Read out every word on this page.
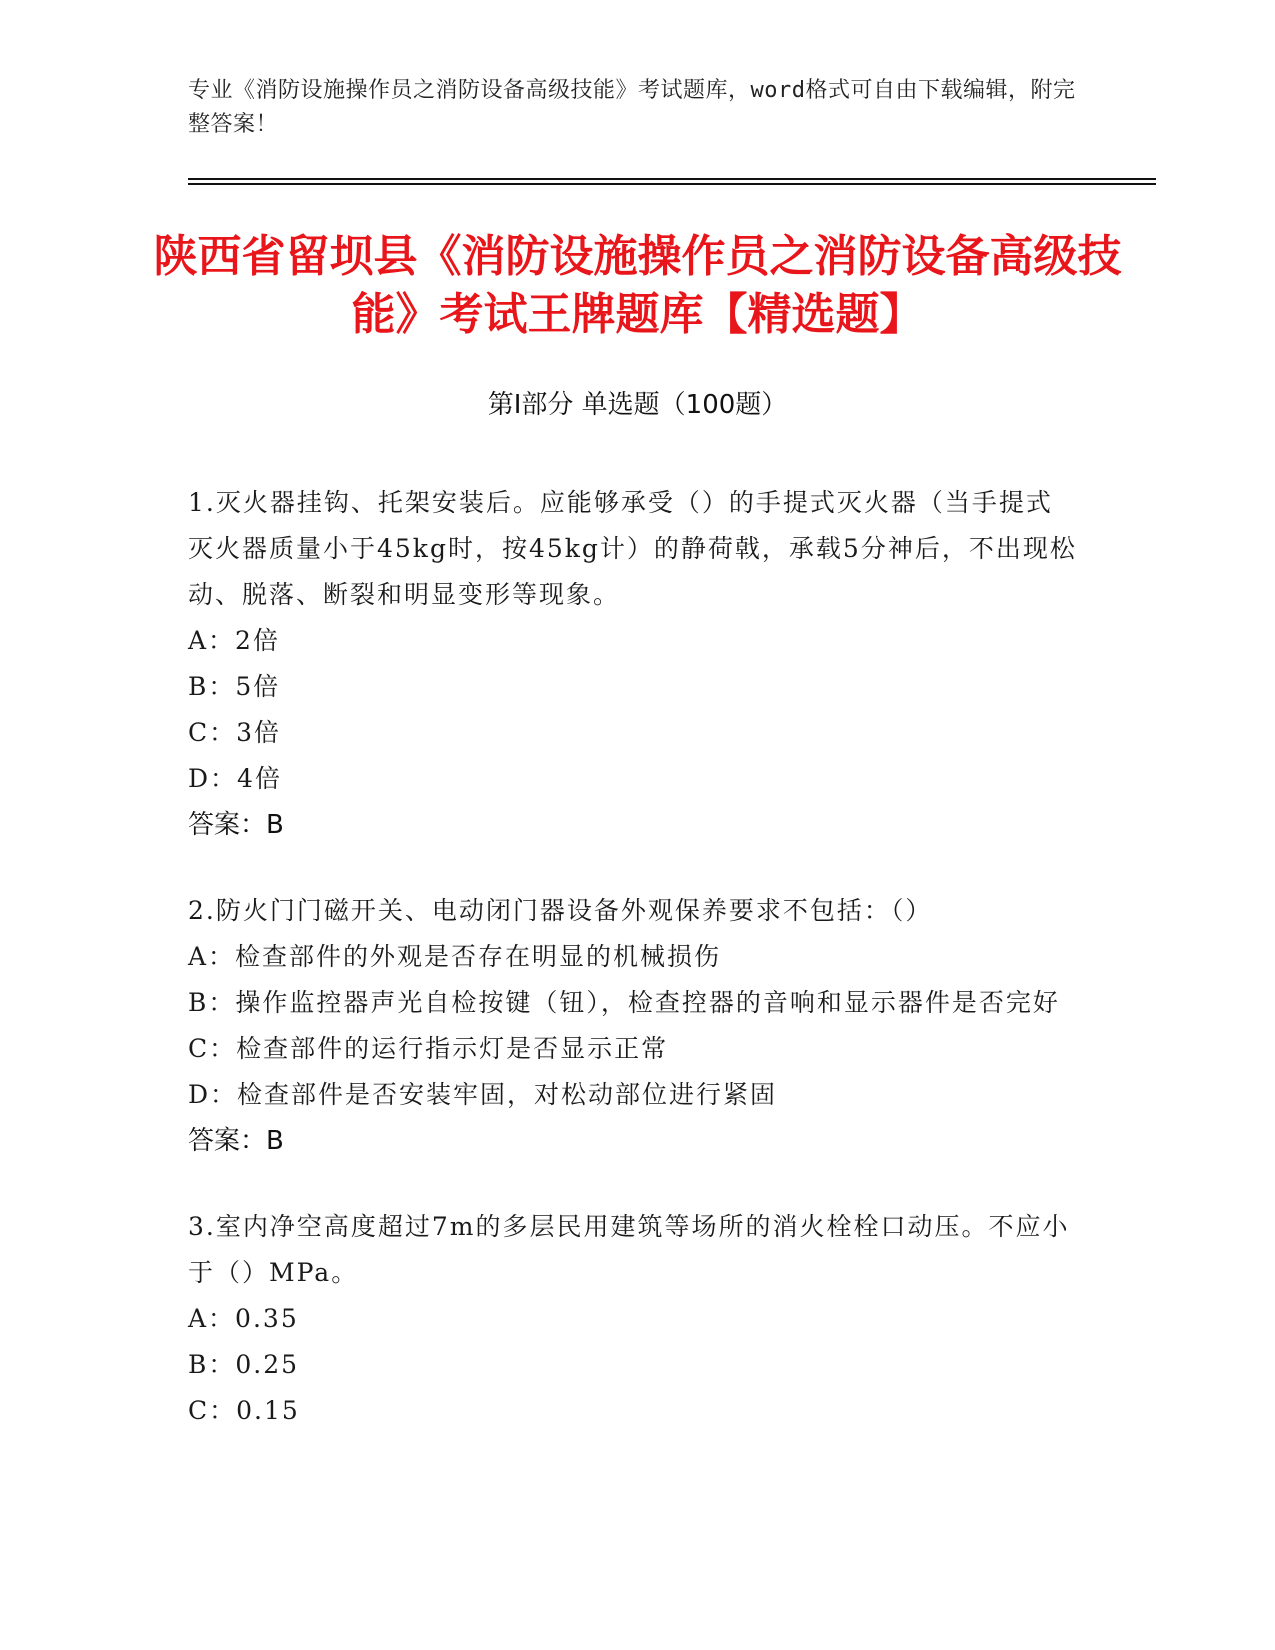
专业《消防设施操作员之消防设备高级技能》考试题库，word格式可自由下载编辑，附完整答案！
陕西省留坝县《消防设施操作员之消防设备高级技能》考试王牌题库【精选题】
第I部分 单选题（100题）
1.灭火器挂钩、托架安装后。应能够承受（）的手提式灭火器（当手提式灭火器质量小于45kg时，按45kg计）的静荷戟，承载5分神后，不出现松动、脱落、断裂和明显变形等现象。
A：2倍
B：5倍
C：3倍
D：4倍
答案：B
2.防火门门磁开关、电动闭门器设备外观保养要求不包括：（）
A：检查部件的外观是否存在明显的机械损伤
B：操作监控器声光自检按键（钮），检查控器的音响和显示器件是否完好
C：检查部件的运行指示灯是否显示正常
D：检查部件是否安装牢固，对松动部位进行紧固
答案：B
3.室内净空高度超过7m的多层民用建筑等场所的消火栓栓口动压。不应小于（）MPa。
A：0.35
B：0.25
C：0.15
